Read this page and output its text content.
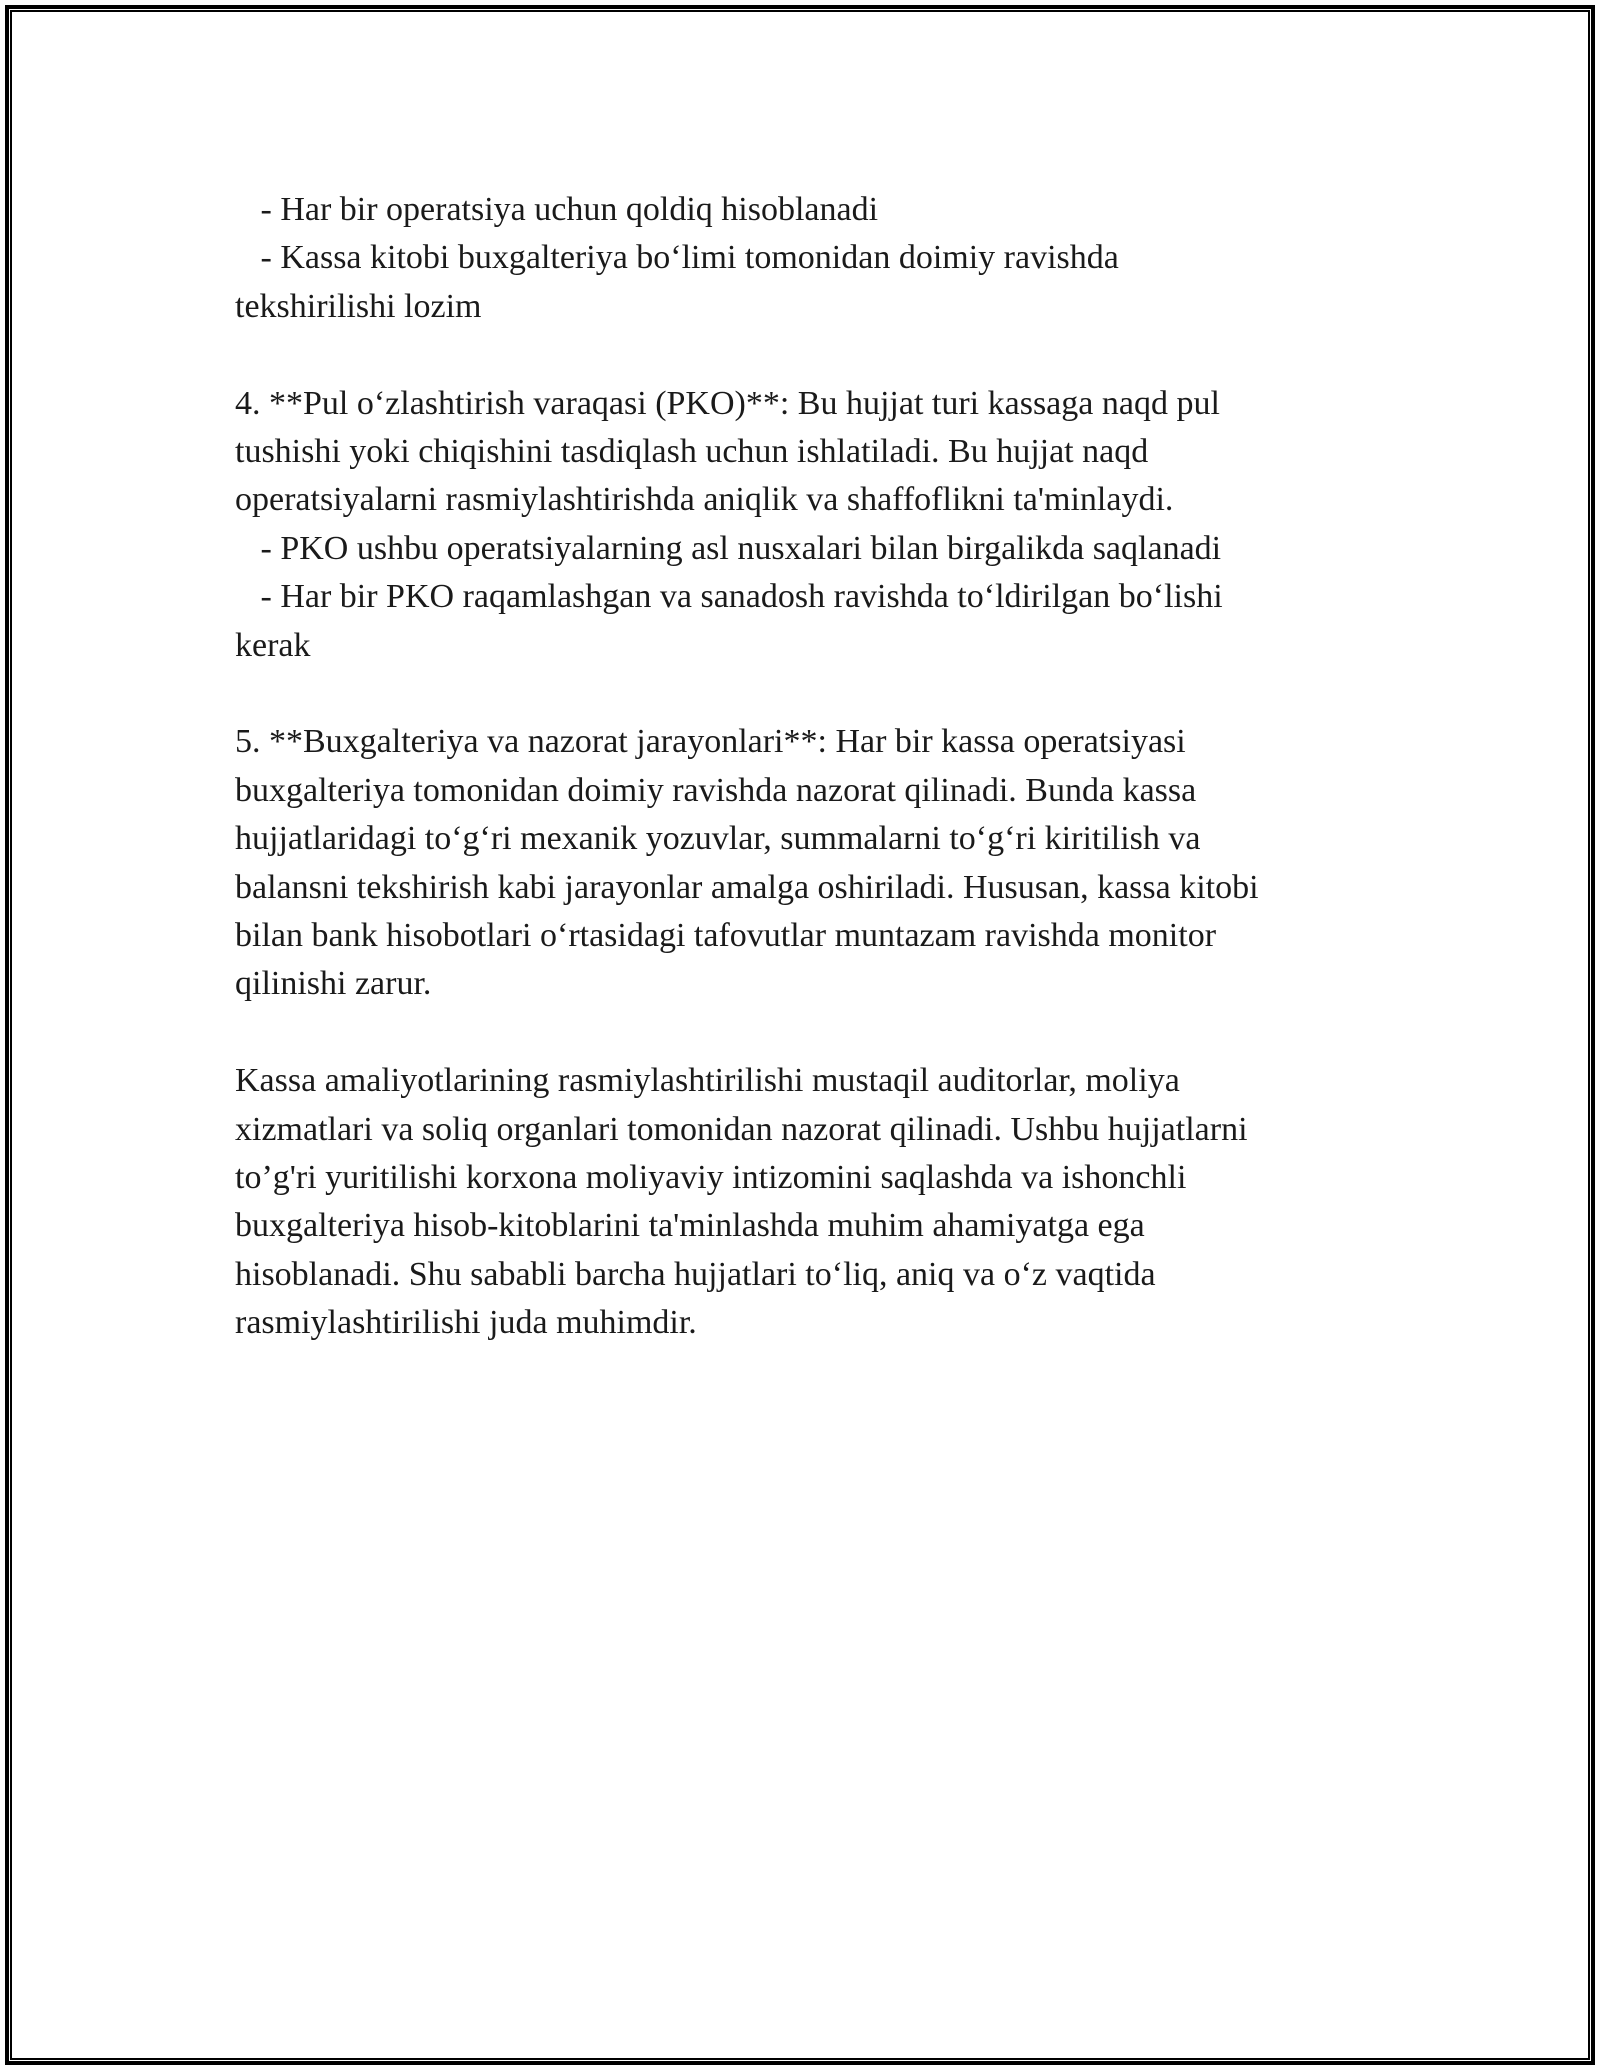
- Har bir operatsiya uchun qoldiq hisoblanadi

- Kassa kitobi buxgalteriya bo‘limi tomonidan doimiy ravishda

tekshirilishi lozim

4. **Pul o‘zlashtirish varaqasi (PKO)**: Bu hujjat turi kassaga naqd pul

tushishi yoki chiqishini tasdiqlash uchun ishlatiladi. Bu hujjat naqd

operatsiyalarni rasmiylashtirishda aniqlik va shaffoflikni ta'minlaydi.

- PKO ushbu operatsiyalarning asl nusxalari bilan birgalikda saqlanadi

- Har bir PKO raqamlashgan va sanadosh ravishda to‘ldirilgan bo‘lishi

kerak

5. **Buxgalteriya va nazorat jarayonlari**: Har bir kassa operatsiyasi

buxgalteriya tomonidan doimiy ravishda nazorat qilinadi. Bunda kassa

hujjatlaridagi to‘g‘ri mexanik yozuvlar, summalarni to‘g‘ri kiritilish va

balansni tekshirish kabi jarayonlar amalga oshiriladi. Hususan, kassa kitobi

bilan bank hisobotlari o‘rtasidagi tafovutlar muntazam ravishda monitor

qilinishi zarur.

Kassa amaliyotlarining rasmiylashtirilishi mustaqil auditorlar, moliya

xizmatlari va soliq organlari tomonidan nazorat qilinadi. Ushbu hujjatlarni

to’g'ri yuritilishi korxona moliyaviy intizomini saqlashda va ishonchli

buxgalteriya hisob-kitoblarini ta'minlashda muhim ahamiyatga ega

hisoblanadi. Shu sababli barcha hujjatlari to‘liq, aniq va o‘z vaqtida

rasmiylashtirilishi juda muhimdir.
